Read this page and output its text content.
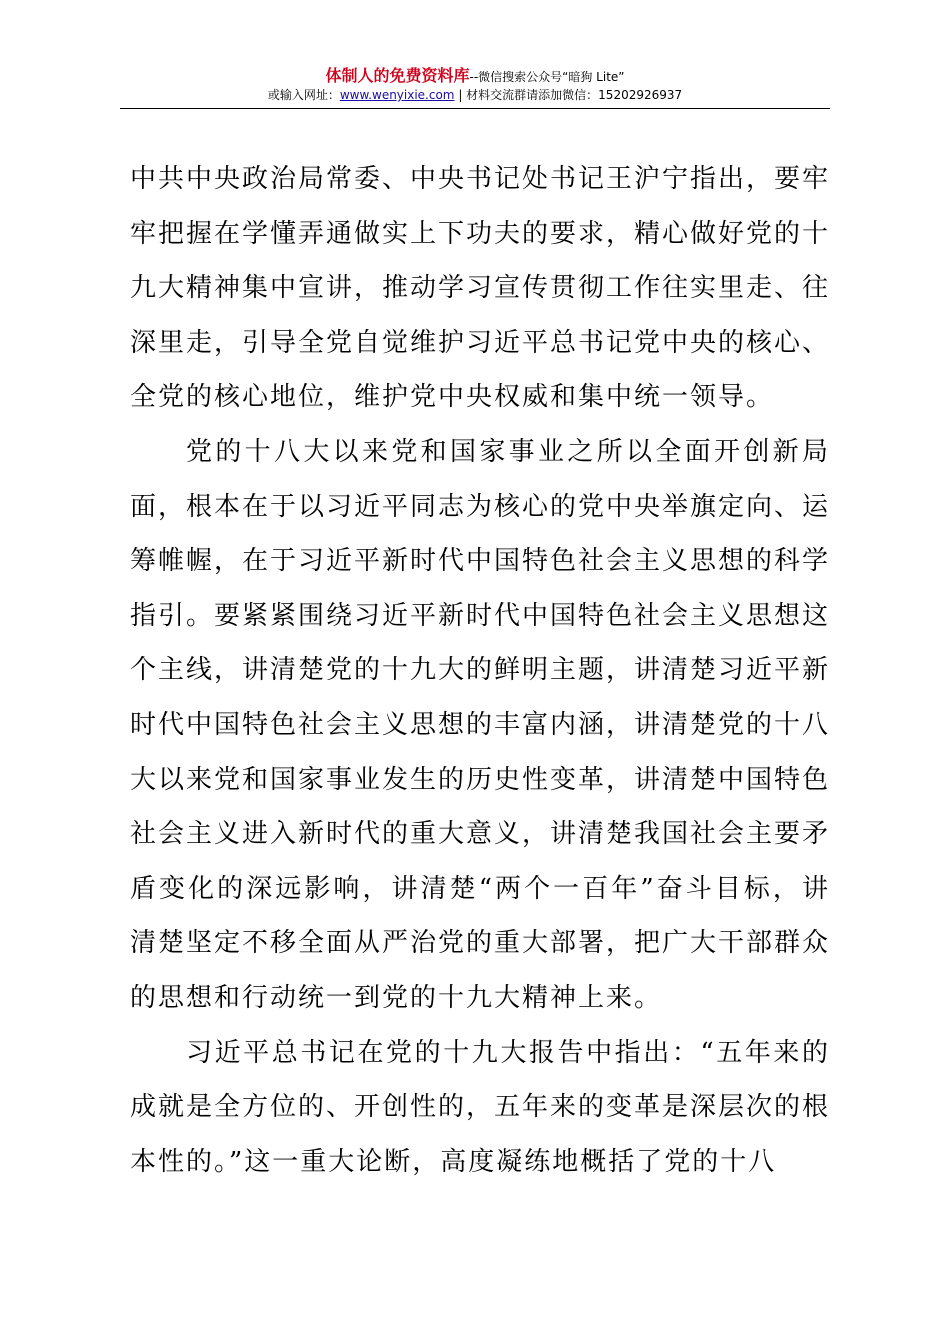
体制人的免费资料库--微信搜索公众号“暗狗 Lite”
或输入网址：www.wenyixie.com | 材料交流群请添加微信：15202926937

中共中央政治局常委、中央书记处书记王沪宁指出，要牢牢把握在学懂弄通做实上下功夫的要求，精心做好党的十九大精神集中宣讲，推动学习宣传贯彻工作往实里走、往深里走，引导全党自觉维护习近平总书记党中央的核心、全党的核心地位，维护党中央权威和集中统一领导。

党的十八大以来党和国家事业之所以全面开创新局面，根本在于以习近平同志为核心的党中央举旗定向、运筹帷幄，在于习近平新时代中国特色社会主义思想的科学指引。要紧紧围绕习近平新时代中国特色社会主义思想这个主线，讲清楚党的十九大的鲜明主题，讲清楚习近平新时代中国特色社会主义思想的丰富内涵，讲清楚党的十八大以来党和国家事业发生的历史性变革，讲清楚中国特色社会主义进入新时代的重大意义，讲清楚我国社会主要矛盾变化的深远影响，讲清楚“两个一百年”奋斗目标，讲清楚坚定不移全面从严治党的重大部署，把广大干部群众的思想和行动统一到党的十九大精神上来。

习近平总书记在党的十九大报告中指出：“五年来的成就是全方位的、开创性的，五年来的变革是深层次的根本性的。”这一重大论断，高度凝练地概括了党的十八
